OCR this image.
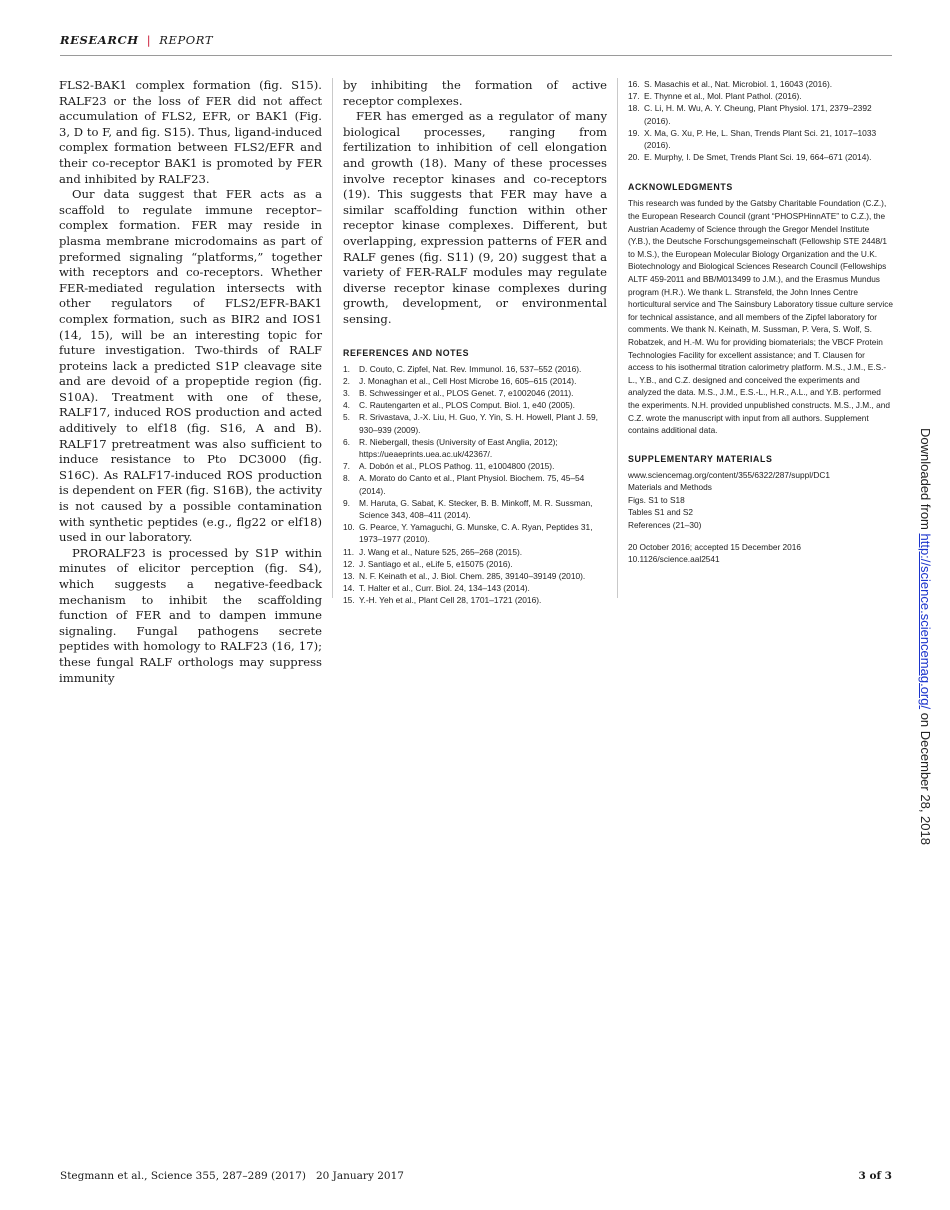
RESEARCH | REPORT

FLS2-BAK1 complex formation (fig. S15). RALF23 or the loss of FER did not affect accumulation of FLS2, EFR, or BAK1 (Fig. 3, D to F, and fig. S15). Thus, ligand-induced complex formation between FLS2/EFR and their co-receptor BAK1 is promoted by FER and inhibited by RALF23.

Our data suggest that FER acts as a scaffold to regulate immune receptor–complex formation. FER may reside in plasma membrane microdomains as part of preformed signaling “platforms,” together with receptors and co-receptors. Whether FER-mediated regulation intersects with other regulators of FLS2/EFR-BAK1 complex formation, such as BIR2 and IOS1 (14, 15), will be an interesting topic for future investigation. Two-thirds of RALF proteins lack a predicted S1P cleavage site and are devoid of a propeptide region (fig. S10A). Treatment with one of these, RALF17, induced ROS production and acted additively to elf18 (fig. S16, A and B). RALF17 pretreatment was also sufficient to induce resistance to Pto DC3000 (fig. S16C). As RALF17-induced ROS production is dependent on FER (fig. S16B), the activity is not caused by a possible contamination with synthetic peptides (e.g., flg22 or elf18) used in our laboratory.

PRORALF23 is processed by S1P within minutes of elicitor perception (fig. S4), which suggests a negative-feedback mechanism to inhibit the scaffolding function of FER and to dampen immune signaling. Fungal pathogens secrete peptides with homology to RALF23 (16, 17); these fungal RALF orthologs may suppress immunity

by inhibiting the formation of active receptor complexes.

FER has emerged as a regulator of many biological processes, ranging from fertilization to inhibition of cell elongation and growth (18). Many of these processes involve receptor kinases and co-receptors (19). This suggests that FER may have a similar scaffolding function within other receptor kinase complexes. Different, but overlapping, expression patterns of FER and RALF genes (fig. S11) (9, 20) suggest that a variety of FER-RALF modules may regulate diverse receptor kinase complexes during growth, development, or environmental sensing.

REFERENCES AND NOTES
1.	D. Couto, C. Zipfel, Nat. Rev. Immunol. 16, 537–552 (2016).
2.	J. Monaghan et al., Cell Host Microbe 16, 605–615 (2014).
3.	B. Schwessinger et al., PLOS Genet. 7, e1002046 (2011).
4.	C. Rautengarten et al., PLOS Comput. Biol. 1, e40 (2005).
5.	R. Srivastava, J.-X. Liu, H. Guo, Y. Yin, S. H. Howell, Plant J. 59, 930–939 (2009).
6.	R. Niebergall, thesis (University of East Anglia, 2012); https://ueaeprints.uea.ac.uk/42367/.
7.	A. Dobón et al., PLOS Pathog. 11, e1004800 (2015).
8.	A. Morato do Canto et al., Plant Physiol. Biochem. 75, 45–54 (2014).
9.	M. Haruta, G. Sabat, K. Stecker, B. B. Minkoff, M. R. Sussman, Science 343, 408–411 (2014).
10. G. Pearce, Y. Yamaguchi, G. Munske, C. A. Ryan, Peptides 31, 1973–1977 (2010).
11. J. Wang et al., Nature 525, 265–268 (2015).
12. J. Santiago et al., eLife 5, e15075 (2016).
13. N. F. Keinath et al., J. Biol. Chem. 285, 39140–39149 (2010).
14. T. Halter et al., Curr. Biol. 24, 134–143 (2014).
15. Y.-H. Yeh et al., Plant Cell 28, 1701–1721 (2016).
16. S. Masachis et al., Nat. Microbiol. 1, 16043 (2016).
17. E. Thynne et al., Mol. Plant Pathol. (2016).
18. C. Li, H. M. Wu, A. Y. Cheung, Plant Physiol. 171, 2379–2392 (2016).
19. X. Ma, G. Xu, P. He, L. Shan, Trends Plant Sci. 21, 1017–1033 (2016).
20. E. Murphy, I. De Smet, Trends Plant Sci. 19, 664–671 (2014).
ACKNOWLEDGMENTS

This research was funded by the Gatsby Charitable Foundation (C.Z.), the European Research Council (grant “PHOSPHinnATE” to C.Z.), the Austrian Academy of Science through the Gregor Mendel Institute (Y.B.), the Deutsche Forschungsgemeinschaft (Fellowship STE 2448/1 to M.S.), the European Molecular Biology Organization and the U.K. Biotechnology and Biological Sciences Research Council (Fellowships ALTF 459-2011 and BB/M013499 to J.M.), and the Erasmus Mundus program (H.R.). We thank L. Stransfeld, the John Innes Centre horticultural service and The Sainsbury Laboratory tissue culture service for technical assistance, and all members of the Zipfel laboratory for comments. We thank N. Keinath, M. Sussman, P. Vera, S. Wolf, S. Robatzek, and H.-M. Wu for providing biomaterials; the VBCF Protein Technologies Facility for excellent assistance; and T. Clausen for access to his isothermal titration calorimetry platform. M.S., J.M., E.S.-L., Y.B., and C.Z. designed and conceived the experiments and analyzed the data. M.S., J.M., E.S.-L., H.R., A.L., and Y.B. performed the experiments. N.H. provided unpublished constructs. M.S., J.M., and C.Z. wrote the manuscript with input from all authors. Supplement contains additional data.

SUPPLEMENTARY MATERIALS

www.sciencemag.org/content/355/6322/287/suppl/DC1

Materials and Methods

Figs. S1 to S18

Tables S1 and S2

References (21–30)

20 October 2016; accepted 15 December 2016

10.1126/science.aal2541

Downloaded from http://science.sciencemag.org/ on December 28, 2018
Stegmann et al., Science 355, 287–289 (2017) 20 January 2017	3 of 3
